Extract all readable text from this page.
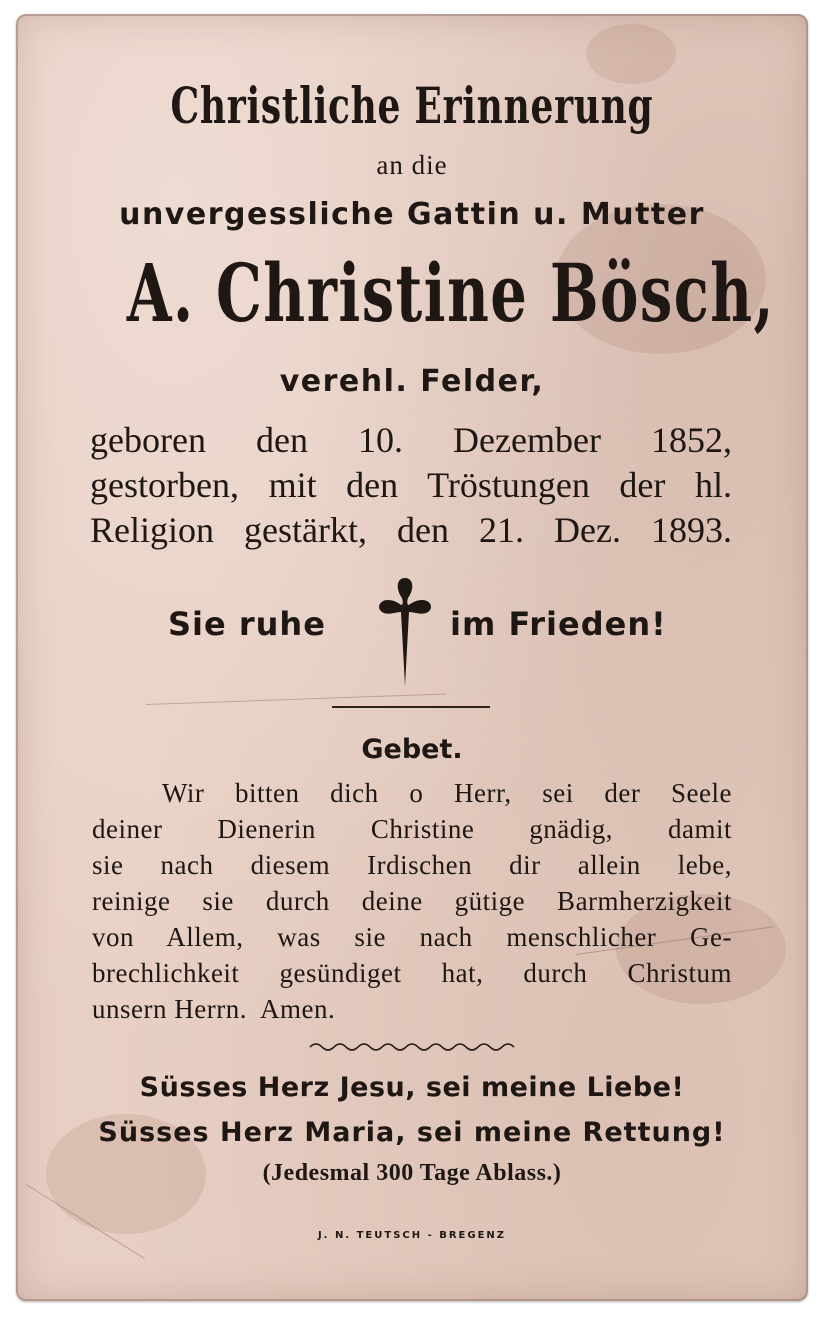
Christliche Erinnerung
an die
unvergessliche Gattin u. Mutter
A. Christine Bösch,
verehl. Felder,
geboren den 10. Dezember 1852,
gestorben, mit den Tröstungen der hl.
Religion gestärkt, den 21. Dez. 1893.
Sie ruhe	im Frieden!
Gebet.
Wir bitten dich o Herr, sei der Seele
deiner Dienerin Christine gnädig, damit
sie nach diesem Irdischen dir allein lebe,
reinige sie durch deine gütige Barmherzigkeit
von Allem, was sie nach menschlicher Ge-
brechlichkeit gesündiget hat, durch Christum
unsern Herrn.  Amen.
Süsses Herz Jesu, sei meine Liebe!
Süsses Herz Maria, sei meine Rettung!
(Jedesmal 300 Tage Ablass.)
J. N. TEUTSCH - BREGENZ
